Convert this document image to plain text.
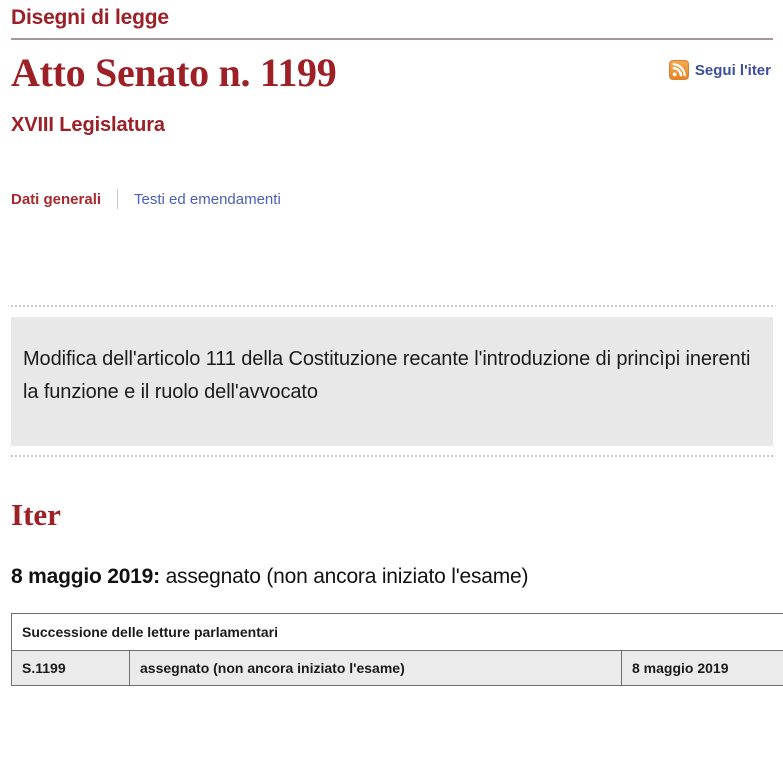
Disegni di legge
Atto Senato n. 1199	Segui l'iter
XVIII Legislatura
Dati generali	Testi ed emendamenti

Modifica dell'articolo 111 della Costituzione recante l'introduzione di princìpi inerenti la funzione e il ruolo dell'avvocato

Iter

8 maggio 2019: assegnato (non ancora iniziato l'esame)

Successione delle letture parlamentari
S.1199	assegnato (non ancora iniziato l'esame)	8 maggio 2019
